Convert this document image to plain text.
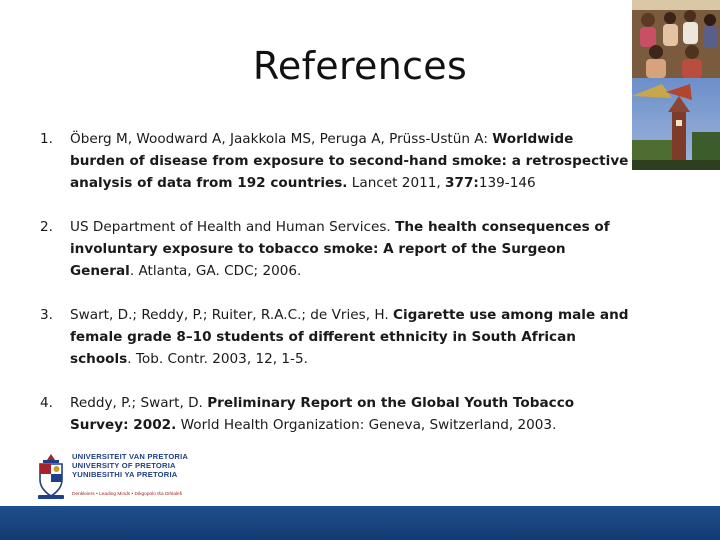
References
1. Öberg M, Woodward A, Jaakkola MS, Peruga A, Prüss-Ustün A: Worldwide burden of disease from exposure to second-hand smoke: a retrospective analysis of data from 192 countries. Lancet 2011, 377:139-146
2. US Department of Health and Human Services. The health consequences of involuntary exposure to tobacco smoke: A report of the Surgeon General. Atlanta, GA. CDC; 2006.
3. Swart, D.; Reddy, P.; Ruiter, R.A.C.; de Vries, H. Cigarette use among male and female grade 8–10 students of different ethnicity in South African schools. Tob. Contr. 2003, 12, 1-5.
4. Reddy, P.; Swart, D. Preliminary Report on the Global Youth Tobacco Survey: 2002. World Health Organization: Geneva, Switzerland, 2003.
UNIVERSITEIT VAN PRETORIA
UNIVERSITY OF PRETORIA
YUNIBESITHI YA PRETORIA
Denkleiers • Leading Minds • Dikgopolo tša Dihlalefi
